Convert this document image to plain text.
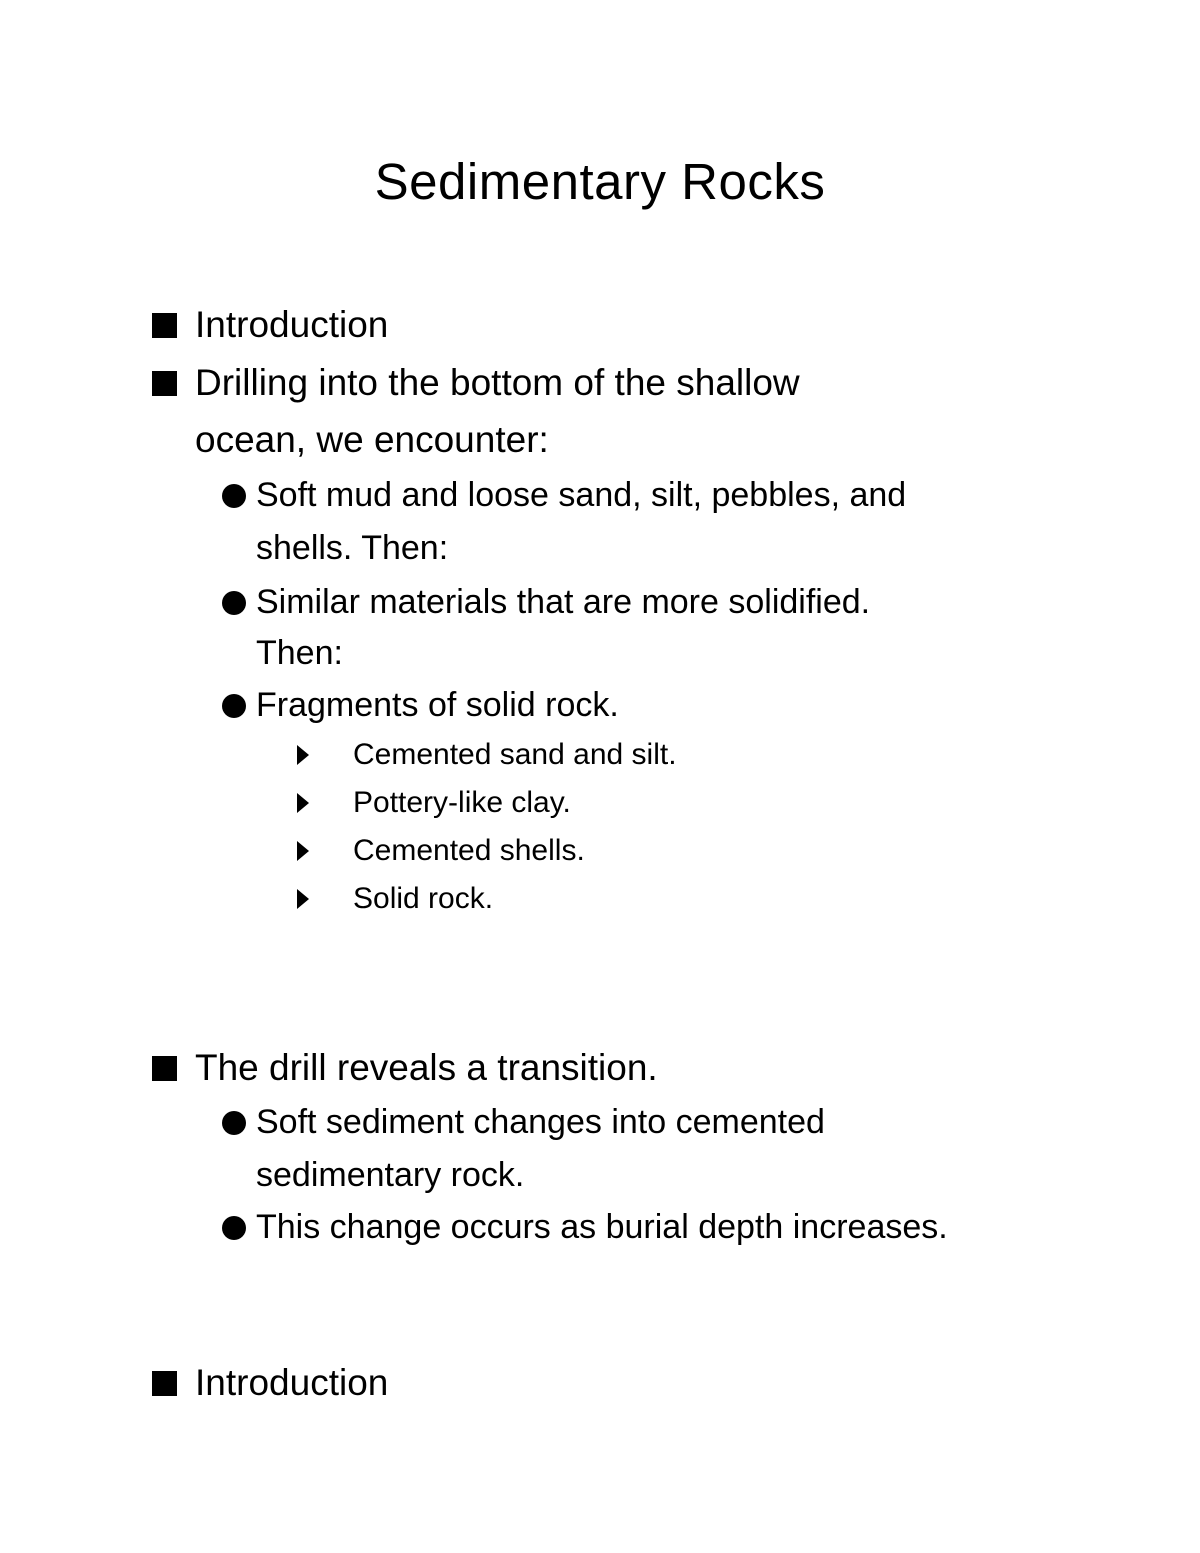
Sedimentary Rocks
Introduction
Drilling into the bottom of the shallow
ocean, we encounter:
Soft mud and loose sand, silt, pebbles, and
shells. Then:
Similar materials that are more solidified.
Then:
Fragments of solid rock.
Cemented sand and silt.
Pottery-like clay.
Cemented shells.
Solid rock.
The drill reveals a transition.
Soft sediment changes into cemented
sedimentary rock.
This change occurs as burial depth increases.
Introduction
